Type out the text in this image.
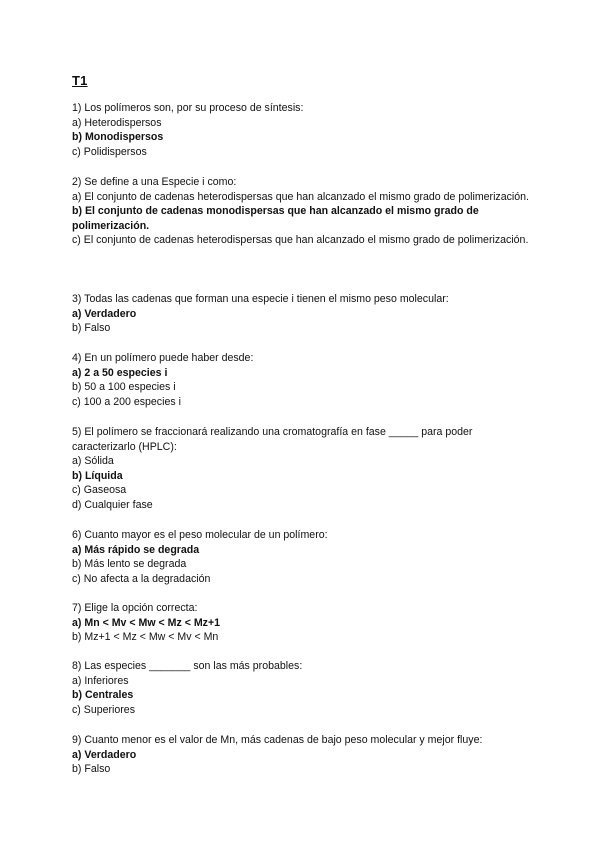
T1
1) Los polímeros son, por su proceso de síntesis:
a) Heterodispersos
b) Monodispersos
c) Polidispersos
2) Se define a una Especie i como:
a) El conjunto de cadenas heterodispersas que han alcanzado el mismo grado de polimerización.
b) El conjunto de cadenas monodispersas que han alcanzado el mismo grado de polimerización.
c) El conjunto de cadenas heterodispersas que han alcanzado el mismo grado de polimerización.
3) Todas las cadenas que forman una especie i tienen el mismo peso molecular:
a) Verdadero
b) Falso
4) En un polímero puede haber desde:
a) 2 a 50 especies i
b) 50 a 100 especies i
c) 100 a 200 especies i
5) El polímero se fraccionará realizando una cromatografía en fase _____ para poder caracterizarlo (HPLC):
a) Sólida
b) Líquida
c) Gaseosa
d) Cualquier fase
6) Cuanto mayor es el peso molecular de un polímero:
a) Más rápido se degrada
b) Más lento se degrada
c) No afecta a la degradación
7) Elige la opción correcta:
a) Mn < Mv < Mw < Mz < Mz+1
b) Mz+1 < Mz < Mw < Mv < Mn
8) Las especies _______ son las más probables:
a) Inferiores
b) Centrales
c) Superiores
9) Cuanto menor es el valor de Mn, más cadenas de bajo peso molecular y mejor fluye:
a) Verdadero
b) Falso
